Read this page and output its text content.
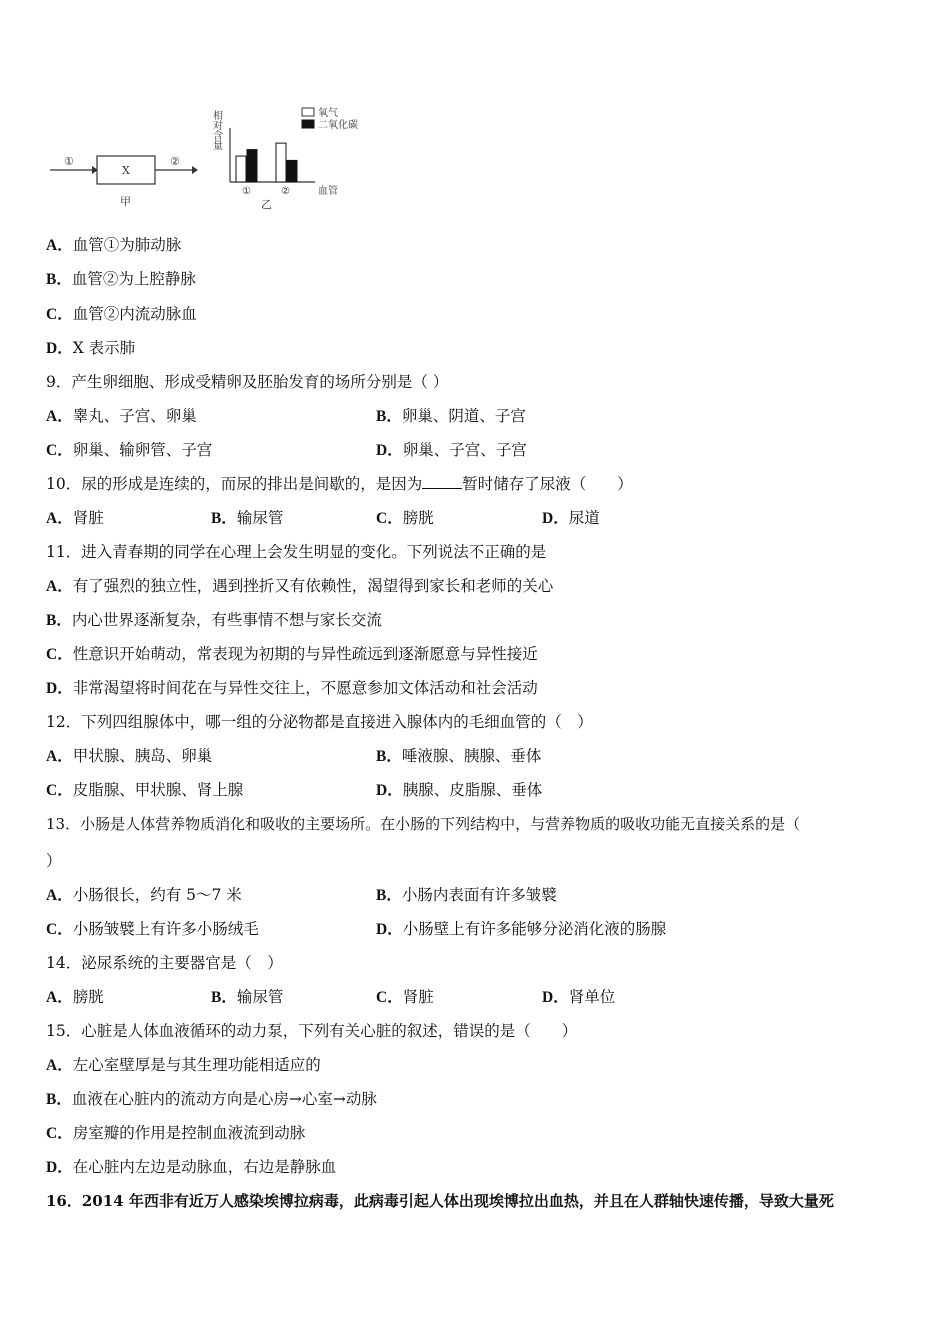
①
X
②
甲
相对含量
血管
①	②
乙
氧气
二氧化碳
A．血管①为肺动脉
B．血管②为上腔静脉
C．血管②内流动脉血
D．X 表示肺
9．产生卵细胞、形成受精卵及胚胎发育的场所分别是（ ）
A．睾丸、子宫、卵巢	B．卵巢、阴道、子宫
C．卵巢、输卵管、子宫	D．卵巢、子宫、子宫
10．尿的形成是连续的，而尿的排出是间歇的，是因为	暂时储存了尿液（　　）
A．肾脏	B．输尿管	C．膀胱	D．尿道
11．进入青春期的同学在心理上会发生明显的变化。下列说法不正确的是
A．有了强烈的独立性，遇到挫折又有依赖性，渴望得到家长和老师的关心
B．内心世界逐渐复杂，有些事情不想与家长交流
C．性意识开始萌动，常表现为初期的与异性疏远到逐渐愿意与异性接近
D．非常渴望将时间花在与异性交往上，不愿意参加文体活动和社会活动
12．下列四组腺体中，哪一组的分泌物都是直接进入腺体内的毛细血管的（　）
A．甲状腺、胰岛、卵巢	B．唾液腺、胰腺、垂体
C．皮脂腺、甲状腺、肾上腺	D．胰腺、皮脂腺、垂体
13．小肠是人体营养物质消化和吸收的主要场所。在小肠的下列结构中，与营养物质的吸收功能无直接关系的是（
）
A．小肠很长，约有 5～7 米	B．小肠内表面有许多皱襞
C．小肠皱襞上有许多小肠绒毛	D．小肠壁上有许多能够分泌消化液的肠腺
14．泌尿系统的主要器官是（　）
A．膀胱	B．输尿管	C．肾脏	D．肾单位
15．心脏是人体血液循环的动力泵，下列有关心脏的叙述，错误的是（　　）
A．左心室壁厚是与其生理功能相适应的
B．血液在心脏内的流动方向是心房→心室→动脉
C．房室瓣的作用是控制血液流到动脉
D．在心脏内左边是动脉血，右边是静脉血
16．2014 年西非有近万人感染埃博拉病毒，此病毒引起人体出现埃博拉出血热，并且在人群轴快速传播，导致大量死
